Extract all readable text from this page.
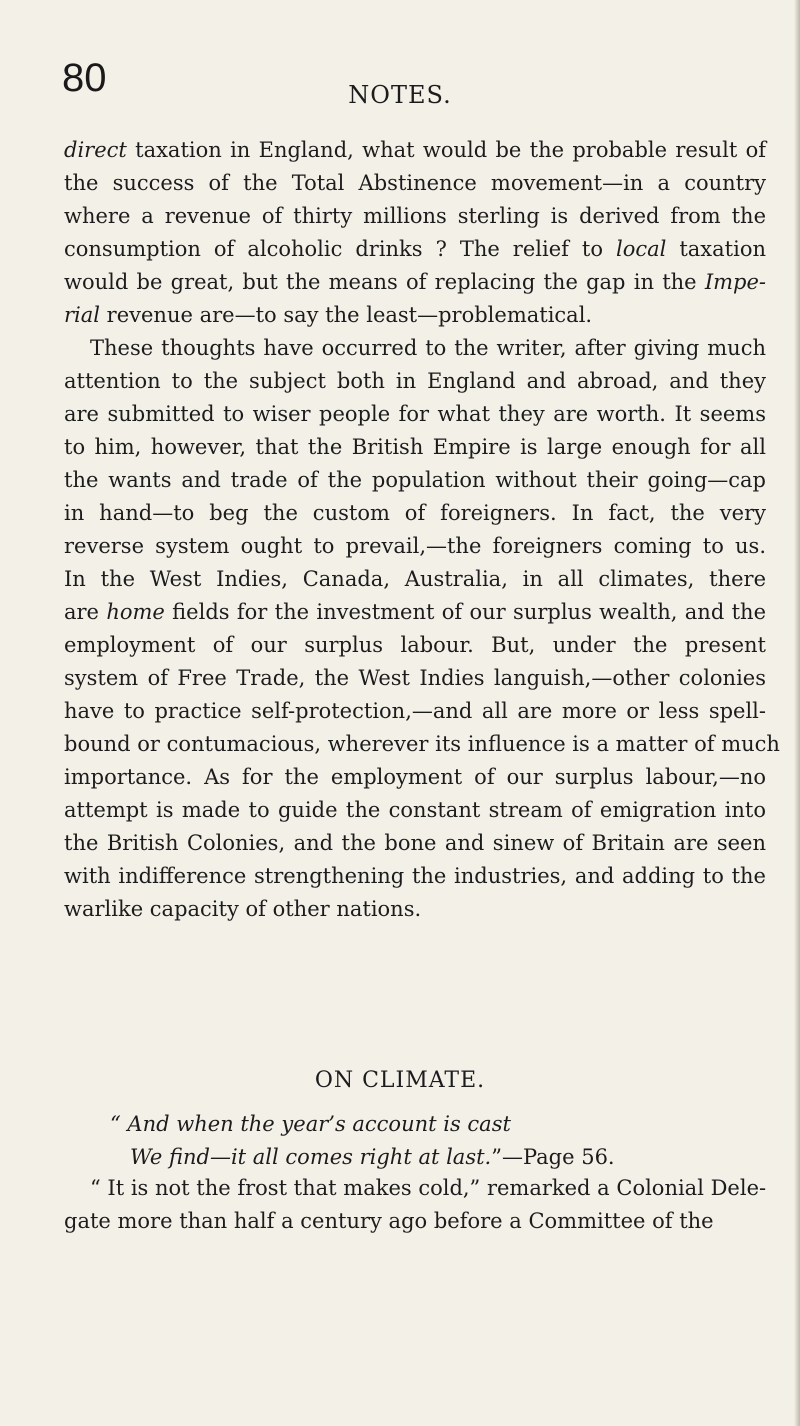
80	NOTES.
direct taxation in England, what would be the probable result of
the success of the Total Abstinence movement—in a country
where a revenue of thirty millions sterling is derived from the
consumption of alcoholic drinks ? The relief to local taxation
would be great, but the means of replacing the gap in the Impe-
rial revenue are—to say the least—problematical.
These thoughts have occurred to the writer, after giving much
attention to the subject both in England and abroad, and they
are submitted to wiser people for what they are worth. It seems
to him, however, that the British Empire is large enough for all
the wants and trade of the population without their going—cap
in hand—to beg the custom of foreigners. In fact, the very
reverse system ought to prevail,—the foreigners coming to us.
In the West Indies, Canada, Australia, in all climates, there
are home fields for the investment of our surplus wealth, and the
employment of our surplus labour. But, under the present
system of Free Trade, the West Indies languish,—other colonies
have to practice self-protection,—and all are more or less spell-
bound or contumacious, wherever its influence is a matter of much
importance. As for the employment of our surplus labour,—no
attempt is made to guide the constant stream of emigration into
the British Colonies, and the bone and sinew of Britain are seen
with indifference strengthening the industries, and adding to the
warlike capacity of other nations.
ON CLIMATE.
“ And when the year’s account is cast
We find—it all comes right at last.”—Page 56.
“ It is not the frost that makes cold,” remarked a Colonial Dele-
gate more than half a century ago before a Committee of the
